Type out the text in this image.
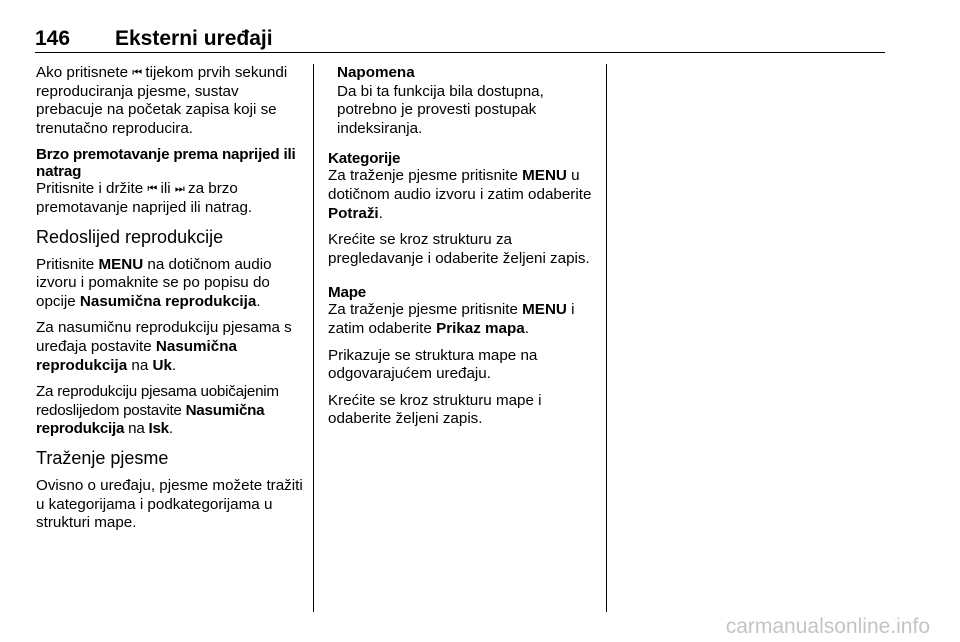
146 Eksterni uređaji

Ako pritisnete ⏮ tijekom prvih sekundi reproduciranja pjesme, sustav prebacuje na početak zapisa koji se trenutačno reproducira.

Brzo premotavanje prema naprijed ili natrag

Pritisnite i držite ⏮ ili ⏭ za brzo premotavanje naprijed ili natrag.

Redoslijed reprodukcije

Pritisnite MENU na dotičnom audio izvoru i pomaknite se po popisu do opcije Nasumična reprodukcija.

Za nasumičnu reprodukciju pjesama s uređaja postavite Nasumična reprodukcija na Uk.

Za reprodukciju pjesama uobičajenim redoslijedom postavite Nasumična reprodukcija na Isk.

Traženje pjesme

Ovisno o uređaju, pjesme možete tražiti u kategorijama i podkategorijama u strukturi mape.

Napomena
Da bi ta funkcija bila dostupna, potrebno je provesti postupak indeksiranja.

Kategorije

Za traženje pjesme pritisnite MENU u dotičnom audio izvoru i zatim odaberite Potraži.

Krećite se kroz strukturu za pregledavanje i odaberite željeni zapis.

Mape

Za traženje pjesme pritisnite MENU i zatim odaberite Prikaz mapa.

Prikazuje se struktura mape na odgovarajućem uređaju.

Krećite se kroz strukturu mape i odaberite željeni zapis.

carmanualsonline.info
